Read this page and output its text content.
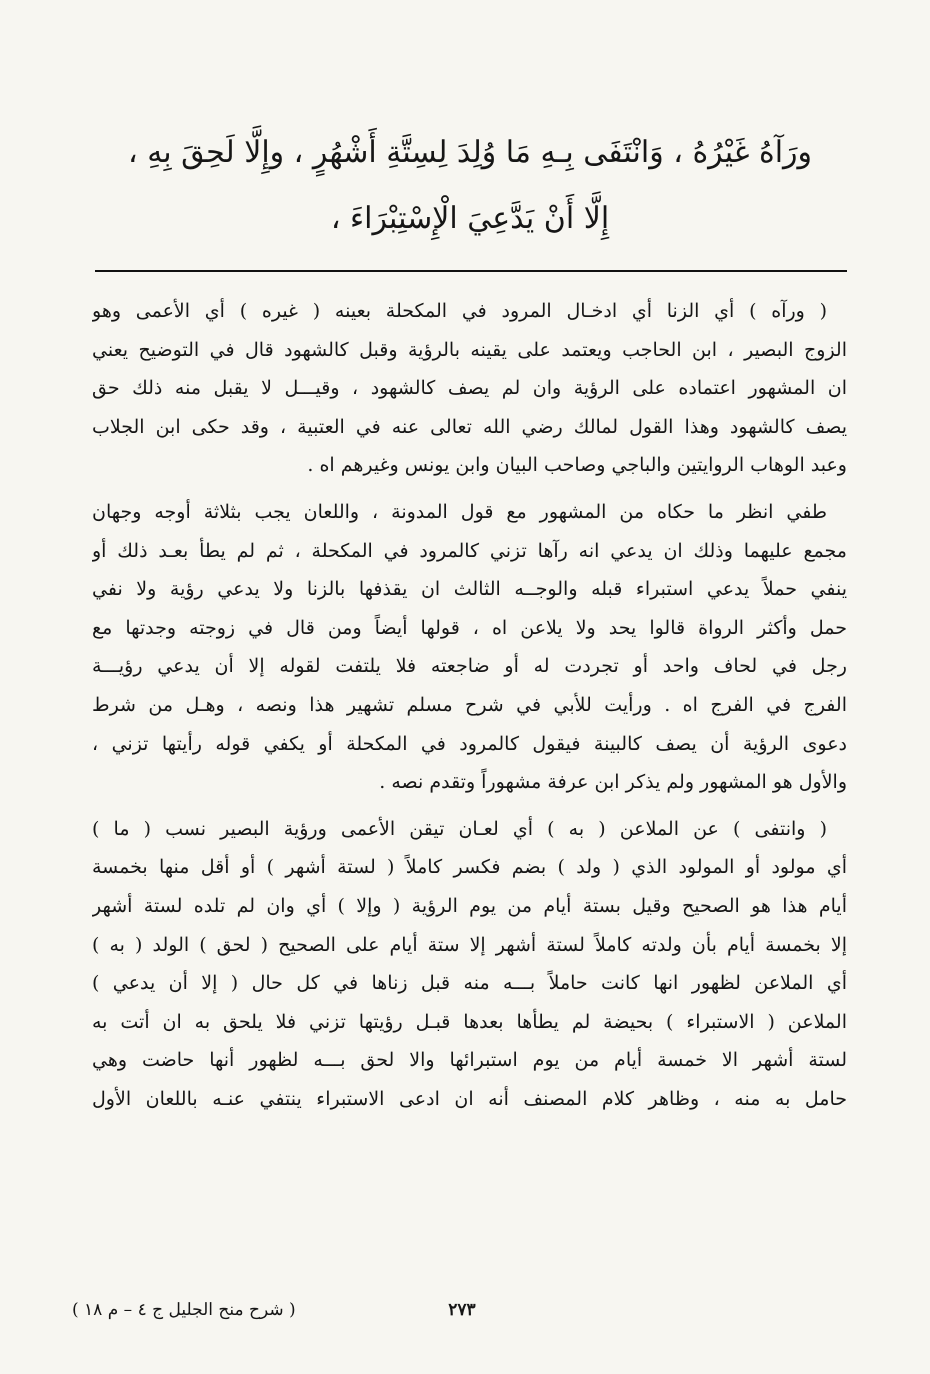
ورَآهُ غَيْرُهُ ، وَانْتَفَى بِـهِ مَا وُلِدَ لِسِتَّةِ أَشْهُرٍ ، وإِلَّا لَحِقَ بِهِ ،
إِلَّا أَنْ يَدَّعِيَ الْإِسْتِبْرَاءَ ،
( ورآه ) أي الزنا أي ادخـال المرود في المكحلة بعينه ( غيره ) أي الأعمى وهو
الزوج البصير ، ابن الحاجب ويعتمد على يقينه بالرؤية وقبل كالشهود قال في التوضيح يعني
ان المشهور اعتماده على الرؤية وان لم يصف كالشهود ، وقيـــل لا يقبل منه ذلك حق
يصف كالشهود وهذا القول لمالك رضي الله تعالى عنه في العتبية ، وقد حكى ابن الجلاب
وعبد الوهاب الروايتين والباجي وصاحب البيان وابن يونس وغيرهم اه .
طفي انظر ما حكاه من المشهور مع قول المدونة ، واللعان يجب بثلاثة أوجه وجهان
مجمع عليهما وذلك ان يدعي انه رآها تزني كالمرود في المكحلة ، ثم لم يطأ بعـد ذلك أو
ينفي حملاً يدعي استبراء قبله والوجــه الثالث ان يقذفها بالزنا ولا يدعي رؤية ولا نفي
حمل وأكثر الرواة قالوا يحد ولا يلاعن اه ، قولها أيضاً ومن قال في زوجته وجدتها مع
رجل في لحاف واحد أو تجردت له أو ضاجعته فلا يلتفت لقوله إلا أن يدعي رؤيـــة
الفرج في الفرج اه . ورأيت للأبي في شرح مسلم تشهير هذا ونصه ، وهـل من شرط
دعوى الرؤية أن يصف كالبينة فيقول كالمرود في المكحلة أو يكفي قوله رأيتها تزني ،
والأول هو المشهور ولم يذكر ابن عرفة مشهوراً وتقدم نصه .
( وانتفى ) عن الملاعن ( به ) أي لعـان تيقن الأعمى ورؤية البصير نسب ( ما )
أي مولود أو المولود الذي ( ولد ) بضم فكسر كاملاً ( لستة أشهر ) أو أقل منها بخمسة
أيام هذا هو الصحيح وقيل بستة أيام من يوم الرؤية ( وإلا ) أي وان لم تلده لستة أشهر
إلا بخمسة أيام بأن ولدته كاملاً لستة أشهر إلا ستة أيام على الصحيح ( لحق ) الولد ( به )
أي الملاعن لظهور انها كانت حاملاً بـــه منه قبل زناها في كل حال ( إلا أن يدعي )
الملاعن ( الاستبراء ) بحيضة لم يطأها بعدها قبـل رؤيتها تزني فلا يلحق به ان أتت به
لستة أشهر الا خمسة أيام من يوم استبرائها والا لحق بـــه لظهور أنها حاضت وهي
حامل به منه ، وظاهر كلام المصنف أنه ان ادعى الاستبراء ينتفي عنـه باللعان الأول
٢٧٣
( شرح منح الجليل ج ٤ – م ١٨ )
